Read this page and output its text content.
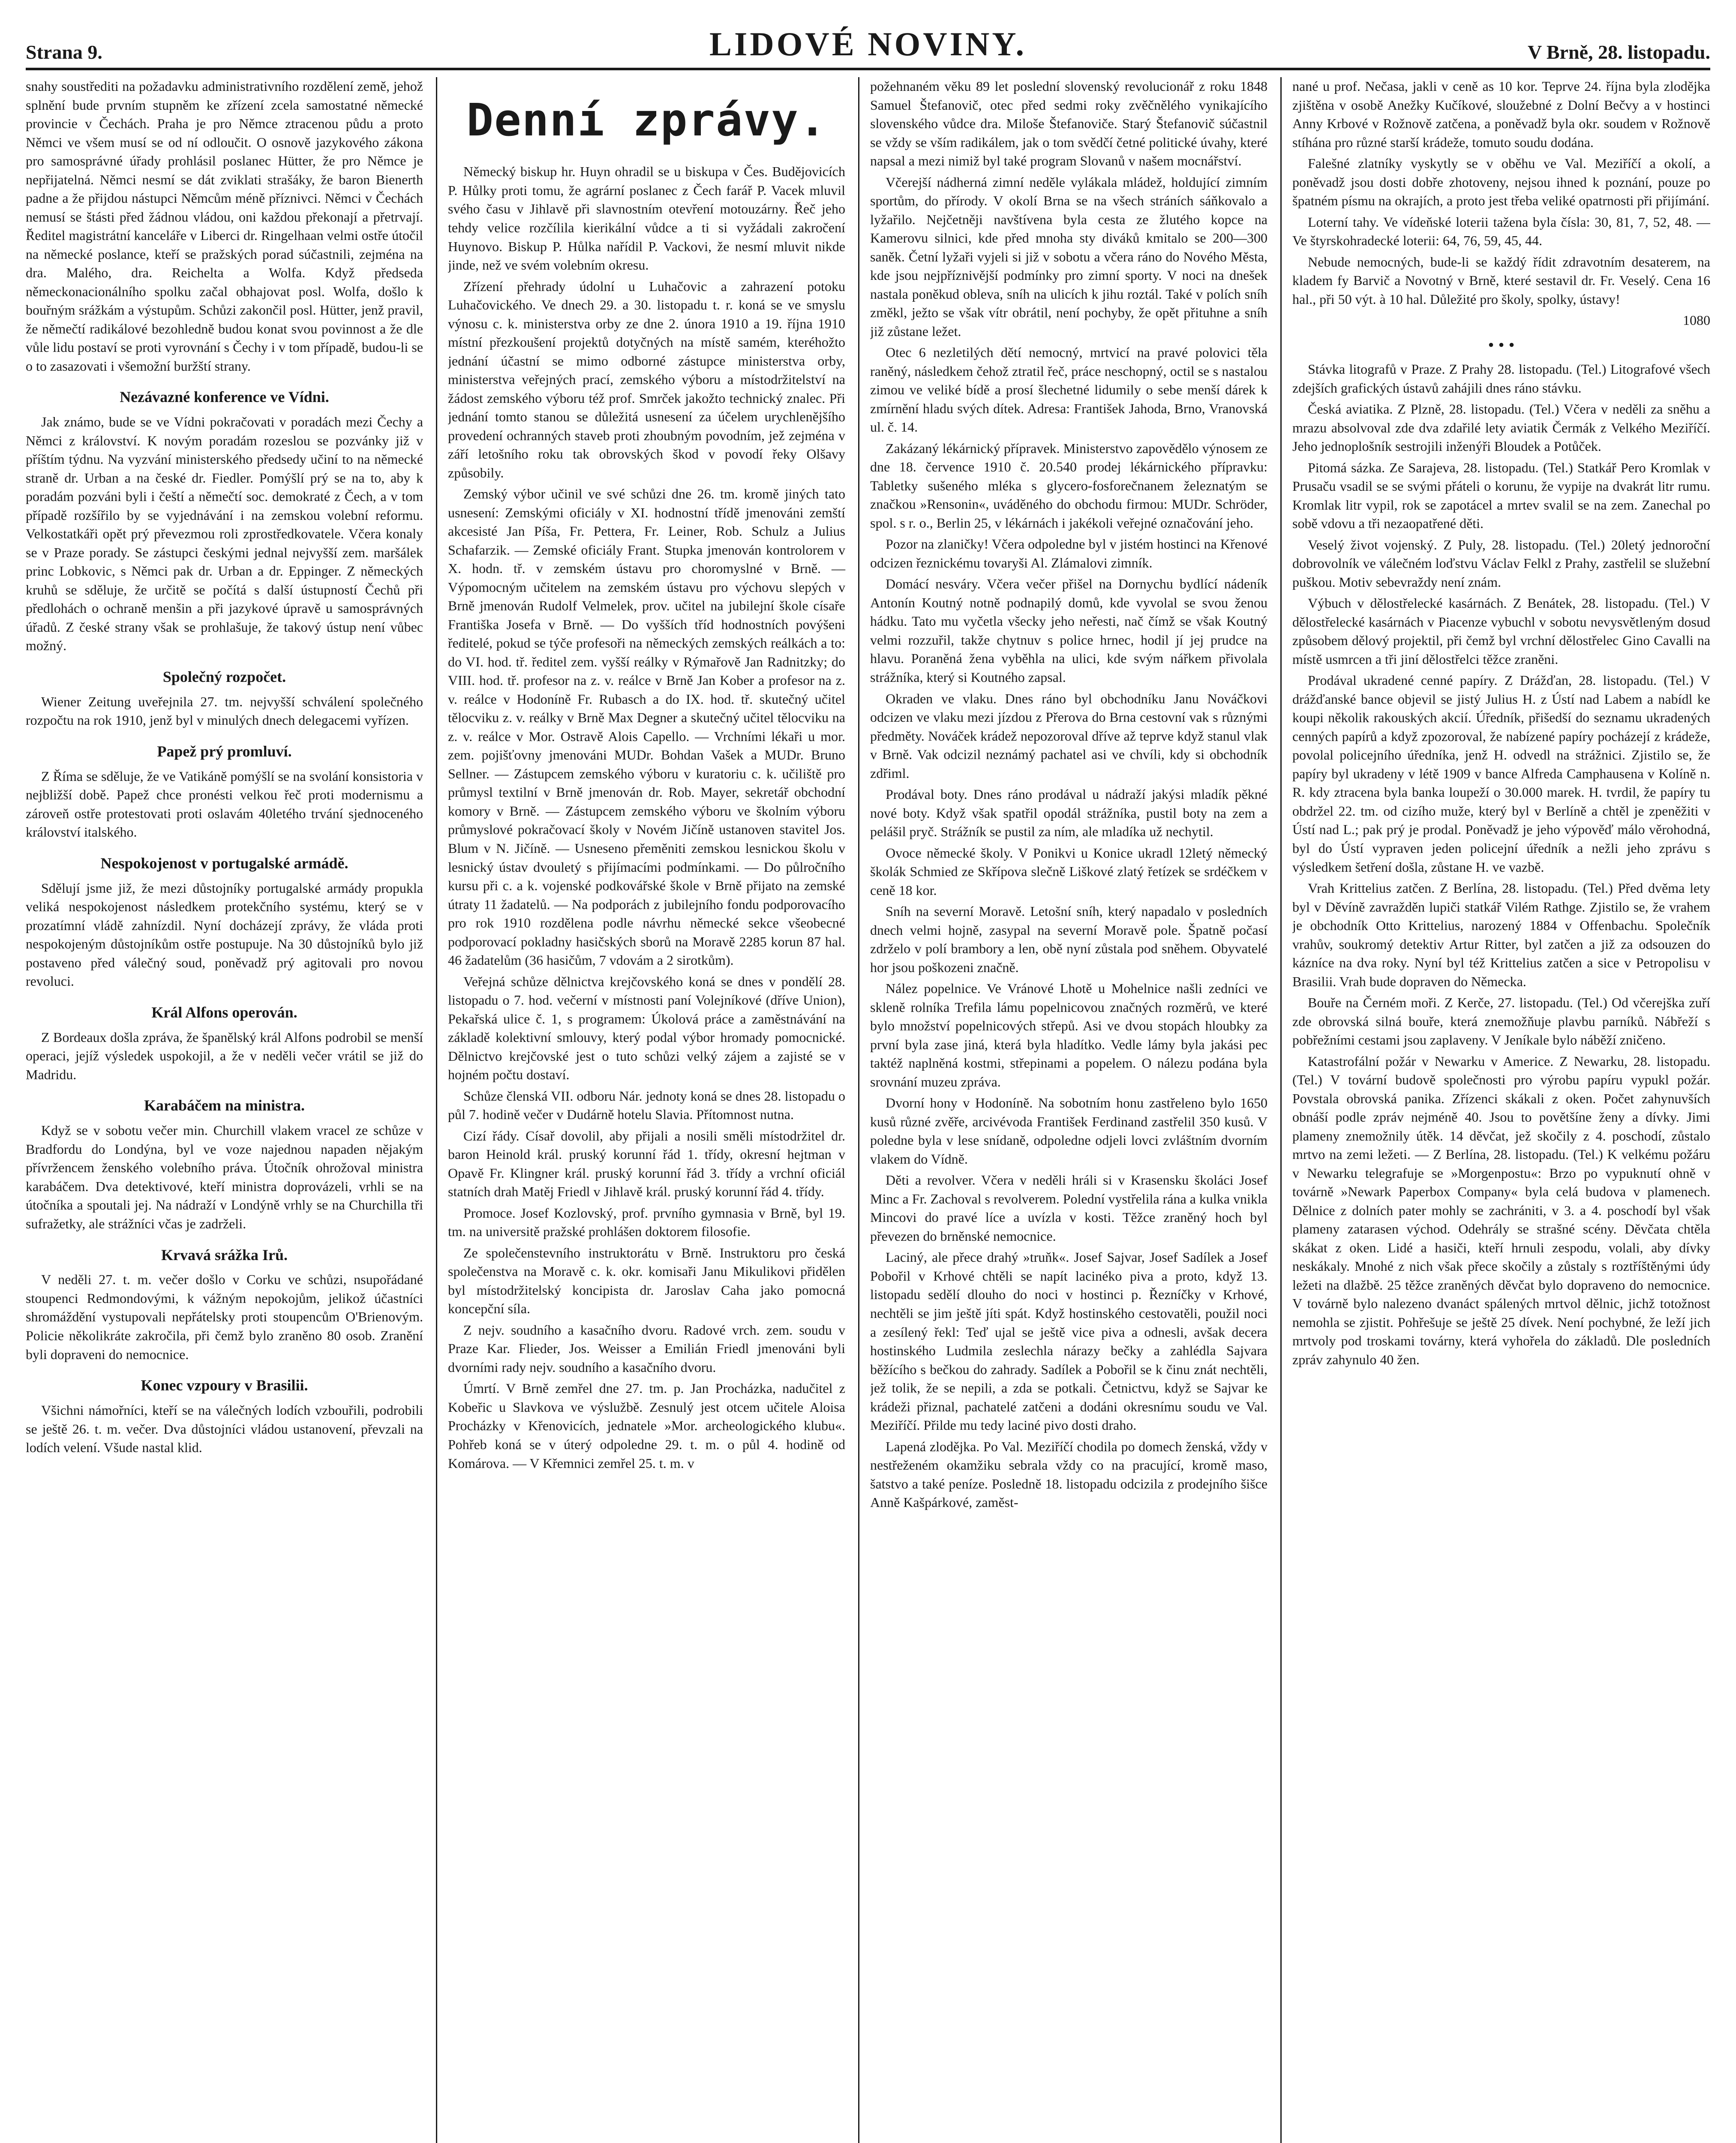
Strana 9.	LIDOVÉ NOVINY.	V Brně, 28. listopadu.

snahy soustřediti na požadavku administrativního rozdělení země, jehož splnění bude prvním stupněm ke zřízení zcela samostatné německé provincie v Čechách. Praha je pro Němce ztracenou půdu a proto Němci ve všem musí se od ní odloučit. O osnově jazykového zákona pro samosprávné úřady prohlásil poslanec Hütter, že pro Němce je nepřijatelná. Němci nesmí se dát zviklati strašáky, že baron Bienerth padne a že přijdou nástupci Němcům méně příznivci. Němci v Čechách nemusí se štásti před žádnou vládou, oni každou překonají a přetrvají. Ředitel magistrátní kanceláře v Liberci dr. Ringelhaan velmi ostře útočil na německé poslance, kteří se pražských porad súčastnili, zejména na dra. Malého, dra. Reichelta a Wolfa. Když předseda německonacionálního spolku začal obhajovat posl. Wolfa, došlo k bouřným srážkám a výstupům. Schůzi zakončil posl. Hütter, jenž pravil, že němečtí radikálové bezohledně budou konat svou povinnost a že dle vůle lidu postaví se proti vyrovnání s Čechy i v tom případě, budou-li se o to zasazovati i všemožní buržští strany.

Nezávazné konference ve Vídni.

Jak známo, bude se ve Vídni pokračovati v poradách mezi Čechy a Němci z království. K novým poradám rozeslou se pozvánky již v příštím týdnu. Na vyzvání ministerského předsedy učiní to na německé straně dr. Urban a na české dr. Fiedler. Pomýšlí prý se na to, aby k poradám pozváni byli i čeští a němečtí soc. demokraté z Čech, a v tom případě rozšířilo by se vyjednávání i na zemskou volební reformu. Velkostatkáři opět prý převezmou roli zprostředkovatele. Včera konaly se v Praze porady. Se zástupci českými jednal nejvyšší zem. maršálek princ Lobkovic, s Němci pak dr. Urban a dr. Eppinger. Z německých kruhů se sděluje, že určitě se počítá s další ústupností Čechů při předlohách o ochraně menšin a při jazykové úpravě u samosprávných úřadů. Z české strany však se prohlašuje, že takový ústup není vůbec možný.

Společný rozpočet.

Wiener Zeitung uveřejnila 27. tm. nejvyšší schválení společného rozpočtu na rok 1910, jenž byl v minulých dnech delegacemi vyřízen.

Papež prý promluví.

Z Říma se sděluje, že ve Vatikáně pomýšlí se na svolání konsistoria v nejbližší době. Papež chce pronésti velkou řeč proti modernismu a zároveň ostře protestovati proti oslavám 40letého trvání sjednoceného království italského.

Nespokojenost v portugalské armádě.

Sdělují jsme již, že mezi důstojníky portugalské armády propukla veliká nespokojenost následkem protekčního systému, který se v prozatímní vládě zahnízdil. Nyní docházejí zprávy, že vláda proti nespokojeným důstojníkům ostře postupuje. Na 30 důstojníků bylo již postaveno před válečný soud, poněvadž prý agitovali pro novou revoluci.

Král Alfons operován.

Z Bordeaux došla zpráva, že španělský král Alfons podrobil se menší operaci, jejíž výsledek uspokojil, a že v neděli večer vrátil se již do Madridu.

Karabáčem na ministra.

Když se v sobotu večer min. Churchill vlakem vracel ze schůze v Bradfordu do Londýna, byl ve voze najednou napaden nějakým přívržencem ženského volebního práva. Útočník ohrožoval ministra karabáčem. Dva detektivové, kteří ministra doprovázeli, vrhli se na útočníka a spoutali jej. Na nádraží v Londýně vrhly se na Churchilla tři sufražetky, ale strážníci včas je zadrželi.

Krvavá srážka Irů.

V neděli 27. t. m. večer došlo v Corku ve schůzi, nsupořádané stoupenci Redmondovými, k vážným nepokojům, jelikož účastníci shromáždění vystupovali nepřátelsky proti stoupencům O'Brienovým. Policie několikráte zakročila, při čemž bylo zraněno 80 osob. Zranění byli dopraveni do nemocnice.

Konec vzpoury v Brasilii.

Všichni námořníci, kteří se na válečných lodích vzbouřili, podrobili se ještě 26. t. m. večer. Dva důstojníci vládou ustanovení, převzali na lodích velení. Všude nastal klid.

Denní zprávy.

Německý biskup hr. Huyn ohradil se u biskupa v Čes. Budějovicích P. Hůlky proti tomu, že agrární poslanec z Čech farář P. Vacek mluvil svého času v Jihlavě při slavnostním otevření motouzárny. Řeč jeho tehdy velice rozčílila kierikální vůdce a ti si vyžádali zakročení Huynovo. Biskup P. Hůlka nařídil P. Vackovi, že nesmí mluvit nikde jinde, než ve svém volebním okresu.

Zřízení přehrady údolní u Luhačovic a zahrazení potoku Luhačovického. Ve dnech 29. a 30. listopadu t. r. koná se ve smyslu výnosu c. k. ministerstva orby ze dne 2. února 1910 a 19. října 1910 místní přezkoušení projektů dotyčných na místě samém, kteréhožto jednání účastní se mimo odborné zástupce ministerstva orby, ministerstva veřejných prací, zemského výboru a místodržitelství na žádost zemského výboru též prof. Smrček jakožto technický znalec. Při jednání tomto stanou se důležitá usnesení za účelem urychlenějšího provedení ochranných staveb proti zhoubným povodním, jež zejména v září letošního roku tak obrovských škod v povodí řeky Olšavy způsobily.

Zemský výbor učinil ve své schůzi dne 26. tm. kromě jiných tato usnesení: Zemskými oficiály v XI. hodnostní třídě jmenováni zemští akcesisté Jan Píša, Fr. Pettera, Fr. Leiner, Rob. Schulz a Julius Schafarzik. — Zemské oficiály Frant. Stupka jmenován kontrolorem v X. hodn. tř. v zemském ústavu pro choromyslné v Brně. — Výpomocným učitelem na zemském ústavu pro výchovu slepých v Brně jmenován Rudolf Velmelek, prov. učitel na jubilejní škole císaře Františka Josefa v Brně. — Do vyšších tříd hodnostních povýšeni ředitelé, pokud se týče profesoři na německých zemských reálkách a to: do VI. hod. tř. ředitel zem. vyšší reálky v Rýmařově Jan Radnitzky; do VIII. hod. tř. profesor na z. v. reálce v Brně Jan Kober a profesor na z. v. reálce v Hodoníně Fr. Rubasch a do IX. hod. tř. skutečný učitel tělocviku z. v. reálky v Brně Max Degner a skutečný učitel tělocviku na z. v. reálce v Mor. Ostravě Alois Capello. — Vrchními lékaři u mor. zem. pojišťovny jmenováni MUDr. Bohdan Vašek a MUDr. Bruno Sellner. — Zástupcem zemského výboru v kuratoriu c. k. učiliště pro průmysl textilní v Brně jmenován dr. Rob. Mayer, sekretář obchodní komory v Brně. — Zástupcem zemského výboru ve školním výboru průmyslové pokračovací školy v Novém Jičíně ustanoven stavitel Jos. Blum v N. Jičíně. — Usneseno přeměniti zemskou lesnickou školu v lesnický ústav dvouletý s přijímacími podmínkami. — Do půlročního kursu při c. a k. vojenské podkovářské škole v Brně přijato na zemské útraty 11 žadatelů. — Na podporách z jubilejního fondu podporovacího pro rok 1910 rozdělena podle návrhu německé sekce všeobecné podporovací pokladny hasičských sborů na Moravě 2285 korun 87 hal. 46 žadatelům (36 hasičům, 7 vdovám a 2 sirotkům).

Veřejná schůze dělnictva krejčovského koná se dnes v pondělí 28. listopadu o 7. hod. večerní v místnosti paní Volejníkové (dříve Union), Pekařská ulice č. 1, s programem: Úkolová práce a zaměstnávání na základě kolektivní smlouvy, který podal výbor hromady pomocnické. Dělnictvo krejčovské jest o tuto schůzi velký zájem a zajisté se v hojném počtu dostaví.

Schůze členská VII. odboru Nár. jednoty koná se dnes 28. listopadu o půl 7. hodině večer v Dudárně hotelu Slavia. Přítomnost nutna.

Cizí řády. Císař dovolil, aby přijali a nosili směli místodržitel dr. baron Heinold král. pruský korunní řád 1. třídy, okresní hejtman v Opavě Fr. Klingner král. pruský korunní řád 3. třídy a vrchní oficiál statních drah Matěj Friedl v Jihlavě král. pruský korunní řád 4. třídy.

Promoce. Josef Kozlovský, prof. prvního gymnasia v Brně, byl 19. tm. na universitě pražské prohlášen doktorem filosofie.

Ze společenstevního instruktorátu v Brně. Instruktoru pro česká společenstva na Moravě c. k. okr. komisaři Janu Mikulikovi přidělen byl místodržitelský koncipista dr. Jaroslav Caha jako pomocná koncepční síla.

Z nejv. soudního a kasačního dvoru. Radové vrch. zem. soudu v Praze Kar. Flieder, Jos. Weisser a Emilián Friedl jmenováni byli dvorními rady nejv. soudního a kasačního dvoru.

Úmrtí. V Brně zemřel dne 27. tm. p. Jan Procházka, nadučitel z Kobeřic u Slavkova ve výslužbě. Zesnulý jest otcem učitele Aloisa Procházky v Křenovicích, jednatele »Mor. archeologického klubu«. Pohřeb koná se v úterý odpoledne 29. t. m. o půl 4. hodině od Komárova. — V Křemnici zemřel 25. t. m. v

požehnaném věku 89 let poslední slovenský revolucionář z roku 1848 Samuel Štefanovič, otec před sedmi roky zvěčnělého vynikajícího slovenského vůdce dra. Miloše Štefanoviče. Starý Štefanovič súčastnil se vždy se vším radikálem, jak o tom svědčí četné politické úvahy, které napsal a mezi nimiž byl také program Slovanů v našem mocnářství.

Včerejší nádherná zimní neděle vylákala mládež, holdující zimním sportům, do přírody. V okolí Brna se na všech stráních sáňkovalo a lyžařilo. Nejčetněji navštívena byla cesta ze žlutého kopce na Kamerovu silnici, kde před mnoha sty diváků kmitalo se 200—300 saněk. Četní lyžaři vyjeli si již v sobotu a včera ráno do Nového Města, kde jsou nejpříznivější podmínky pro zimní sporty. V noci na dnešek nastala poněkud obleva, sníh na ulicích k jihu roztál. Také v polích sníh změkl, ježto se však vítr obrátil, není pochyby, že opět přituhne a sníh již zůstane ležet.

Otec 6 nezletilých dětí nemocný, mrtvicí na pravé polovici těla raněný, následkem čehož ztratil řeč, práce neschopný, octil se s nastalou zimou ve veliké bídě a prosí šlechetné lidumily o sebe menší dárek k zmírnění hladu svých dítek. Adresa: František Jahoda, Brno, Vranovská ul. č. 14.

Zakázaný lékárnický přípravek. Ministerstvo zapovědělo výnosem ze dne 18. července 1910 č. 20.540 prodej lékárnického přípravku: Tabletky sušeného mléka s glycero-fosforečnanem železnatým se značkou »Rensonin«, uváděného do obchodu firmou: MUDr. Schröder, spol. s r. o., Berlin 25, v lékárnách i jakékoli veřejné označování jeho.

Pozor na zlaničky! Včera odpoledne byl v jistém hostinci na Křenové odcizen řeznickému tovaryši Al. Zlámalovi zimník.

Domácí nesváry. Včera večer přišel na Dornychu bydlící nádeník Antonín Koutný notně podnapilý domů, kde vyvolal se svou ženou hádku. Tato mu vyčetla všecky jeho neřesti, nač čímž se však Koutný velmi rozzuřil, takže chytnuv s police hrnec, hodil jí jej prudce na hlavu. Poraněná žena vyběhla na ulici, kde svým nářkem přivolala strážníka, který si Koutného zapsal.

Okraden ve vlaku. Dnes ráno byl obchodníku Janu Nováčkovi odcizen ve vlaku mezi jízdou z Přerova do Brna cestovní vak s různými předměty. Nováček krádež nepozoroval dříve až teprve když stanul vlak v Brně. Vak odcizil neznámý pachatel asi ve chvíli, kdy si obchodník zdřiml.

Prodával boty. Dnes ráno prodával u nádraží jakýsi mladík pěkné nové boty. Když však spatřil opodál strážníka, pustil boty na zem a pelášil pryč. Strážník se pustil za ním, ale mladíka už nechytil.

Ovoce německé školy. V Ponikvi u Konice ukradl 12letý německý školák Schmied ze Skřípova slečně Liškové zlatý řetízek se srdéčkem v ceně 18 kor.

Sníh na severní Moravě. Letošní sníh, který napadalo v posledních dnech velmi hojně, zasypal na severní Moravě pole. Špatně počasí zdrželo v polí brambory a len, obě nyní zůstala pod sněhem. Obyvatelé hor jsou poškozeni značně.

Nález popelnice. Ve Vránové Lhotě u Mohelnice našli zedníci ve skleně rolníka Trefila lámu popelnicovou značných rozměrů, ve které bylo množství popelnicových střepů. Asi ve dvou stopách hloubky za první byla zase jiná, která byla hladítko. Vedle lámy byla jakási pec taktéž naplněná kostmi, střepinami a popelem. O nálezu podána byla srovnání muzeu zpráva.

Dvorní hony v Hodoníně. Na sobotním honu zastřeleno bylo 1650 kusů různé zvěře, arcivévoda František Ferdinand zastřelil 350 kusů. V poledne byla v lese snídaně, odpoledne odjeli lovci zvláštním dvorním vlakem do Vídně.

Děti a revolver. Včera v neděli hráli si v Krasensku školáci Josef Minc a Fr. Zachoval s revolverem. Polední vystřelila rána a kulka vnikla Mincovi do pravé líce a uvízla v kosti. Těžce zraněný hoch byl převezen do brněnské nemocnice.

Laciný, ale přece drahý »truňk«. Josef Sajvar, Josef Sadílek a Josef Pobořil v Krhové chtěli se napít lacinéko piva a proto, když 13. listopadu sedělí dlouho do noci v hostinci p. Řezníčky v Krhové, nechtěli se jim ještě jíti spát. Když hostinského cestovatěli, použil noci a zesílený řekl: Teď ujal se ještě vice piva a odnesli, avšak decera hostinského Ludmila zeslechla nárazy bečky a zahlédla Sajvara běžícího s bečkou do zahrady. Sadílek a Pobořil se k činu znát nechtěli, jež tolik, že se nepili, a zda se potkali. Četnictvu, když se Sajvar ke krádeži přiznal, pachatelé zatčeni a dodáni okresnímu soudu ve Val. Meziříčí. Přilde mu tedy laciné pivo dosti draho.

Lapená zlodějka. Po Val. Meziříčí chodila po domech ženská, vždy v nestřeženém okamžiku sebrala vždy co na pracující, kromě maso, šatstvo a také peníze. Posledně 18. listopadu odcizila z prodejního šišce Anně Kašpárkové, zaměst-

nané u prof. Nečasa, jakli v ceně as 10 kor. Teprve 24. října byla zlodějka zjištěna v osobě Anežky Kučíkové, sloužebné z Dolní Bečvy a v hostinci Anny Krbové v Rožnově zatčena, a poněvadž byla okr. soudem v Rožnově stíhána pro různé starší krádeže, tomuto soudu dodána.

Falešné zlatníky vyskytly se v oběhu ve Val. Meziříčí a okolí, a poněvadž jsou dosti dobře zhotoveny, nejsou ihned k poznání, pouze po špatném písmu na okrajích, a proto jest třeba veliké opatrnosti při přijímání.

Loterní tahy. Ve vídeňské loterii tažena byla čísla: 30, 81, 7, 52, 48. — Ve štyrskohradecké loterii: 64, 76, 59, 45, 44.

Nebude nemocných, bude-li se každý řídit zdravotním desaterem, na kladem fy Barvič a Novotný v Brně, které sestavil dr. Fr. Veselý. Cena 16 hal., při 50 výt. à 10 hal. Důležité pro školy, spolky, ústavy!

1080

• • •

Stávka litografů v Praze. Z Prahy 28. listopadu. (Tel.) Litografové všech zdejších grafických ústavů zahájili dnes ráno stávku.

Česká aviatika. Z Plzně, 28. listopadu. (Tel.) Včera v neděli za sněhu a mrazu absolvoval zde dva zdařilé lety aviatik Čermák z Velkého Meziříčí. Jeho jednoplošník sestrojili inženýři Bloudek a Potůček.

Pitomá sázka. Ze Sarajeva, 28. listopadu. (Tel.) Statkář Pero Kromlak v Prusaču vsadil se se svými přáteli o korunu, že vypije na dvakrát litr rumu. Kromlak litr vypil, rok se zapotácel a mrtev svalil se na zem. Zanechal po sobě vdovu a tři nezaopatřené děti.

Veselý život vojenský. Z Puly, 28. listopadu. (Tel.) 20letý jednoroční dobrovolník ve válečném loďstvu Václav Felkl z Prahy, zastřelil se služební puškou. Motiv sebevraždy není znám.

Výbuch v dělostřelecké kasárnách. Z Benátek, 28. listopadu. (Tel.) V dělostřelecké kasárnách v Piacenze vybuchl v sobotu nevysvětleným dosud způsobem dělový projektil, při čemž byl vrchní dělostřelec Gino Cavalli na místě usmrcen a tři jiní dělostřelci těžce zraněni.

Prodával ukradené cenné papíry. Z Drážďan, 28. listopadu. (Tel.) V drážďanské bance objevil se jistý Julius H. z Ústí nad Labem a nabídl ke koupi několik rakouských akcií. Úředník, přišedší do seznamu ukradených cenných papírů a když zpozoroval, že nabízené papíry pocházejí z krádeže, povolal policejního úředníka, jenž H. odvedl na strážnici. Zjistilo se, že papíry byl ukradeny v létě 1909 v bance Alfreda Camphausena v Kolíně n. R. kdy ztracena byla banka loupeží o 30.000 marek. H. tvrdil, že papíry tu obdržel 22. tm. od cizího muže, který byl v Berlíně a chtěl je zpeněžiti v Ústí nad L.; pak prý je prodal. Poněvadž je jeho výpověď málo věrohodná, byl do Ústí vypraven jeden policejní úředník a nežli jeho zprávu s výsledkem šetření došla, zůstane H. ve vazbě.

Vrah Krittelius zatčen. Z Berlína, 28. listopadu. (Tel.) Před dvěma lety byl v Děvíně zavražděn lupiči statkář Vilém Rathge. Zjistilo se, že vrahem je obchodník Otto Krittelius, narozený 1884 v Offenbachu. Společník vrahův, soukromý detektiv Artur Ritter, byl zatčen a již za odsouzen do kázníce na dva roky. Nyní byl též Krittelius zatčen a sice v Petropolisu v Brasilii. Vrah bude dopraven do Německa.

Bouře na Černém moři. Z Kerče, 27. listopadu. (Tel.) Od včerejška zuří zde obrovská silná bouře, která znemožňuje plavbu parníků. Nábřeží s pobřežními cestami jsou zaplaveny. V Jeníkale bylo náběží zničeno.

Katastrofální požár v Newarku v Americe. Z Newarku, 28. listopadu. (Tel.) V tovární budově společnosti pro výrobu papíru vypukl požár. Povstala obrovská panika. Zřízenci skákali z oken. Počet zahynuvších obnáší podle zpráv nejméně 40. Jsou to povětšíne ženy a dívky. Jimi plameny znemožnily útěk. 14 děvčat, jež skočily z 4. poschodí, zůstalo mrtvo na zemi ležeti. — Z Berlína, 28. listopadu. (Tel.) K velkému požáru v Newarku telegrafuje se »Morgenpostu«: Brzo po vypuknutí ohně v továrně »Newark Paperbox Company« byla celá budova v plamenech. Dělnice z dolních pater mohly se zachrániti, v 3. a 4. poschodí byl však plameny zatarasen východ. Odehrály se strašné scény. Děvčata chtěla skákat z oken. Lidé a hasiči, kteří hrnuli zespodu, volali, aby dívky neskákaly. Mnohé z nich však přece skočily a zůstaly s roztříštěnými údy ležeti na dlažbě. 25 těžce zraněných děvčat bylo dopraveno do nemocnice. V továrně bylo nalezeno dvanáct spálených mrtvol dělnic, jichž totožnost nemohla se zjistit. Pohřešuje se ještě 25 dívek. Není pochybné, že leží jich mrtvoly pod troskami továrny, která vyhořela do základů. Dle posledních zpráv zahynulo 40 žen.
